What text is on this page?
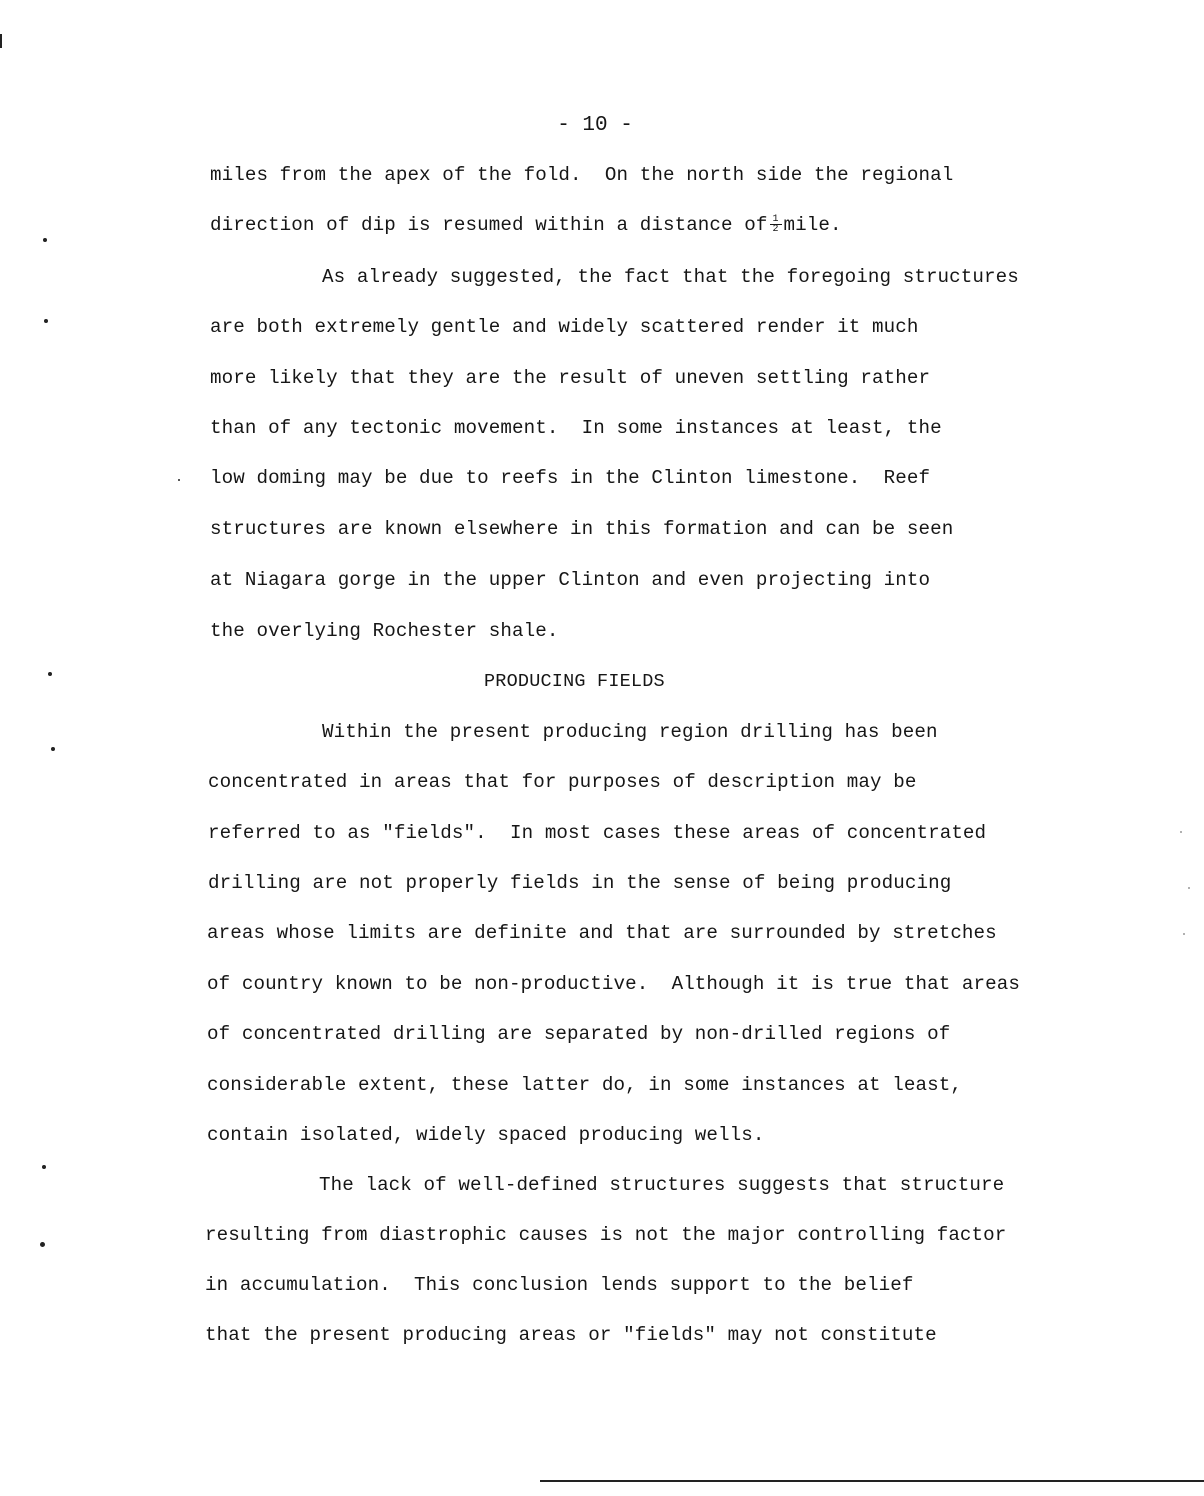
- 10 -
miles from the apex of the fold.  On the north side the regional
direction of dip is resumed within a distance of $\frac{1}{2}$ mile.
As already suggested, the fact that the foregoing structures
are both extremely gentle and widely scattered render it much
more likely that they are the result of uneven settling rather
than of any tectonic movement.  In some instances at least, the
low doming may be due to reefs in the Clinton limestone.  Reef
structures are known elsewhere in this formation and can be seen
at Niagara gorge in the upper Clinton and even projecting into
the overlying Rochester shale.
PRODUCING FIELDS
Within the present producing region drilling has been
concentrated in areas that for purposes of description may be
referred to as "fields".  In most cases these areas of concentrated
drilling are not properly fields in the sense of being producing
areas whose limits are definite and that are surrounded by stretches
of country known to be non-productive.  Although it is true that areas
of concentrated drilling are separated by non-drilled regions of
considerable extent, these latter do, in some instances at least,
contain isolated, widely spaced producing wells.
The lack of well-defined structures suggests that structure
resulting from diastrophic causes is not the major controlling factor
in accumulation.  This conclusion lends support to the belief
that the present producing areas or "fields" may not constitute
